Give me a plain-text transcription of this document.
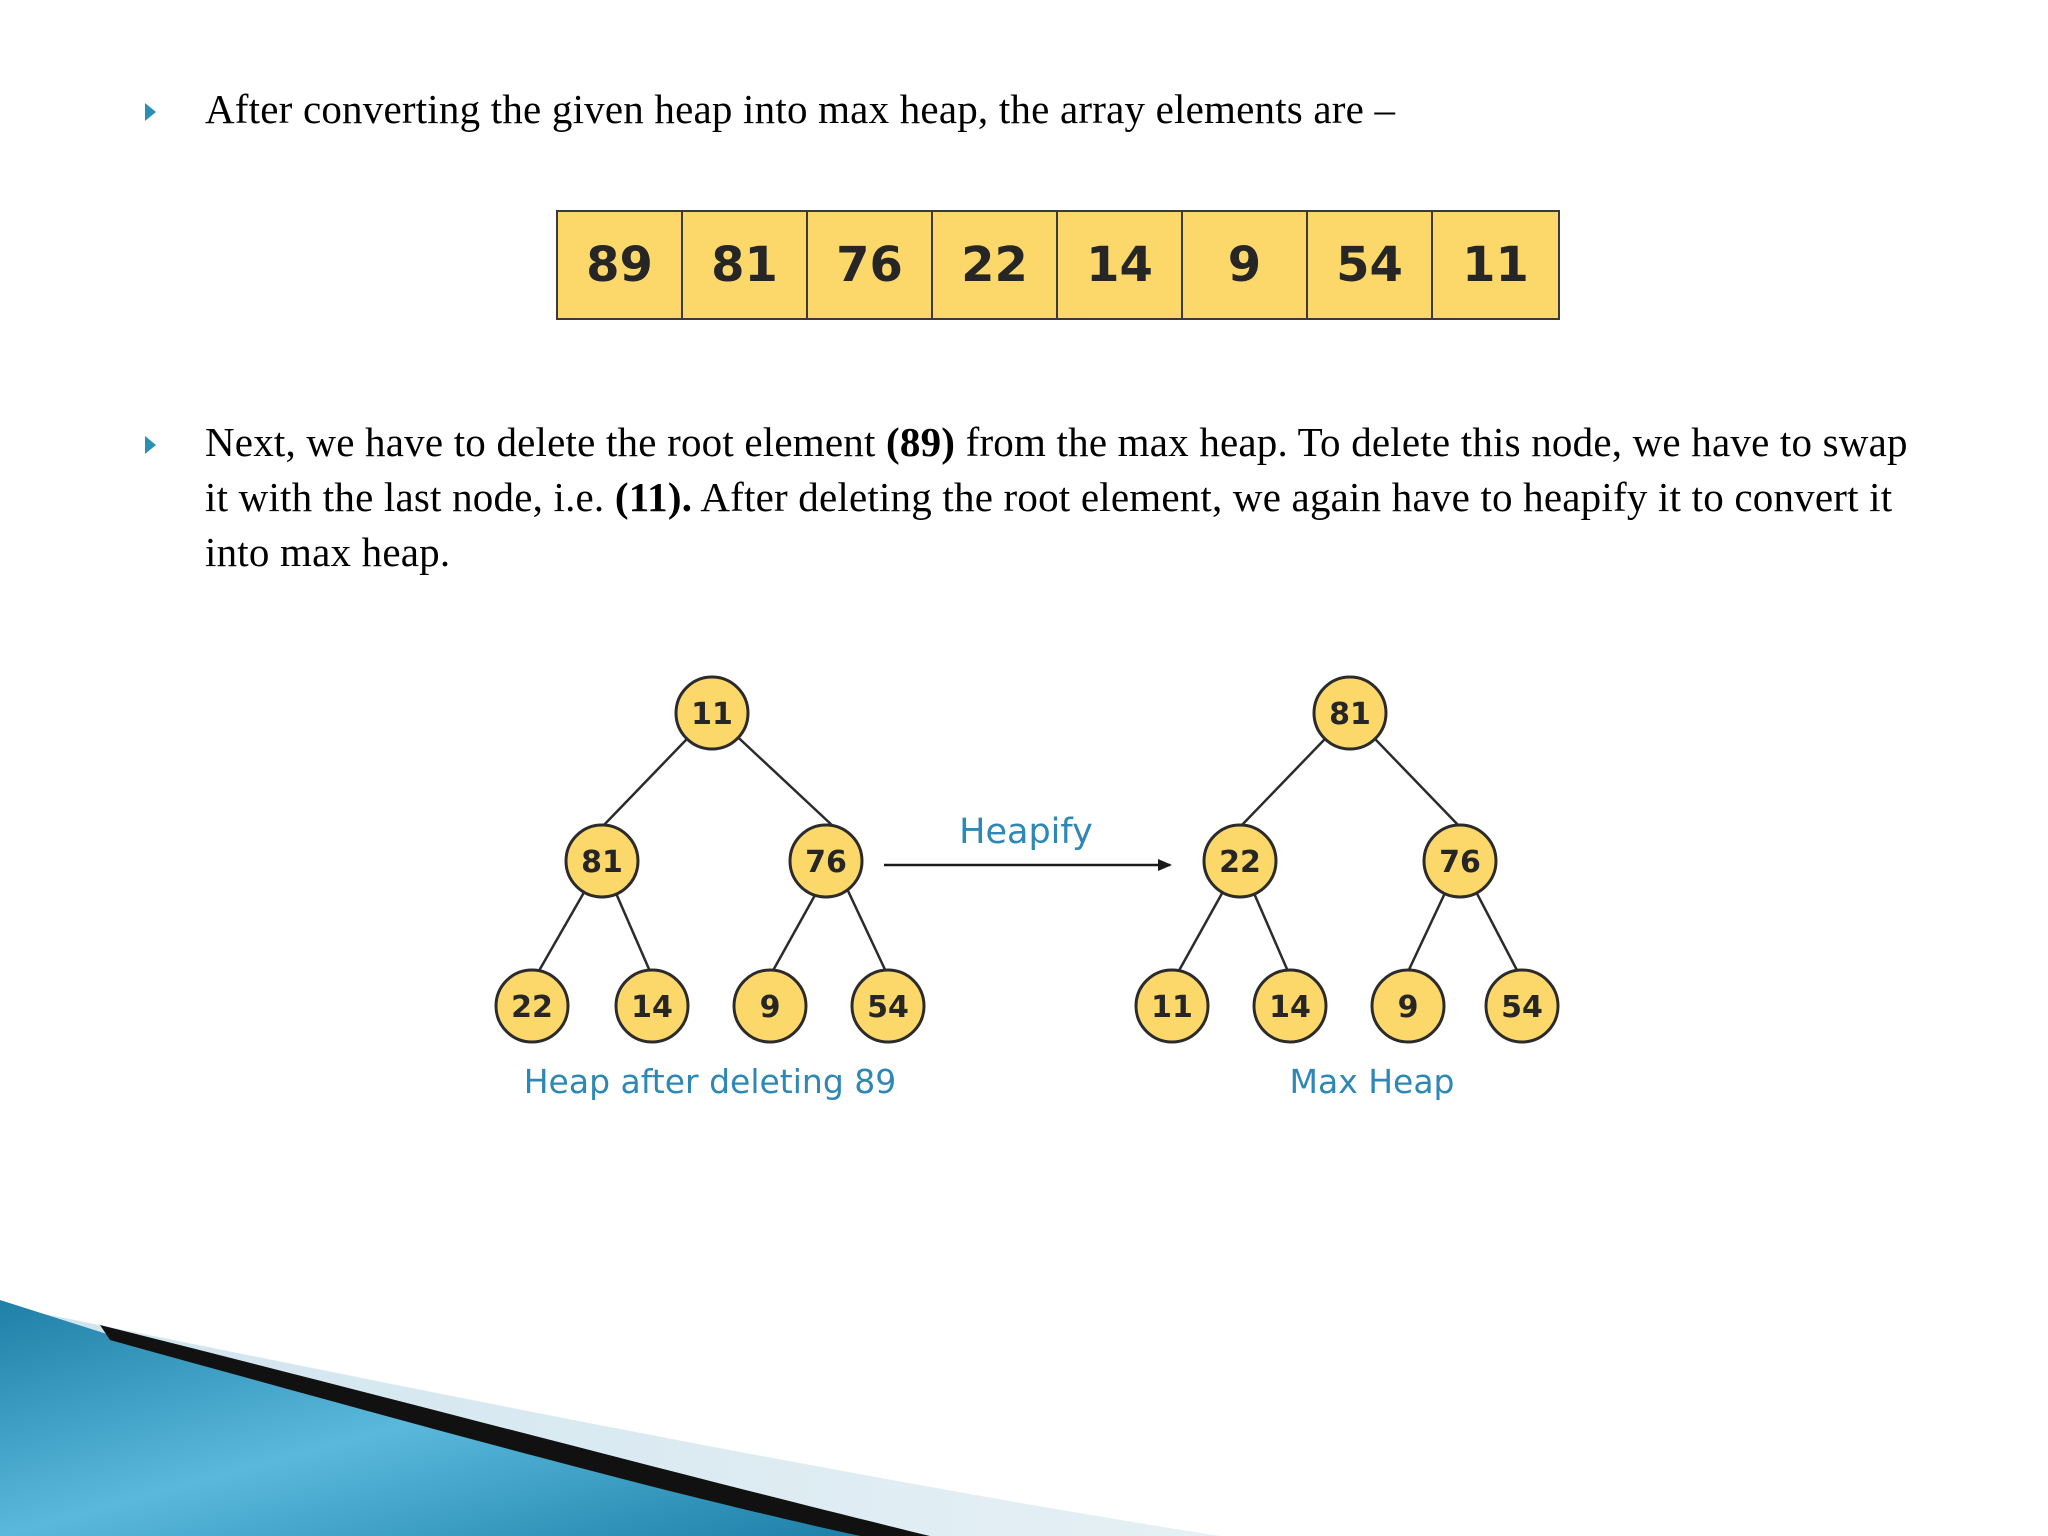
After converting the given heap into max heap, the array elements are –

89	81	76	22	14	9	54	11

Next, we have to delete the root element (89) from the max heap. To delete this node, we have to swap it with the last node, i.e. (11). After deleting the root element, we again have to heapify it to convert it into max heap.

11
81	76
22	14	9	54
81
22	76
11	14	9	54
Heapify
Heap after deleting 89	Max Heap
